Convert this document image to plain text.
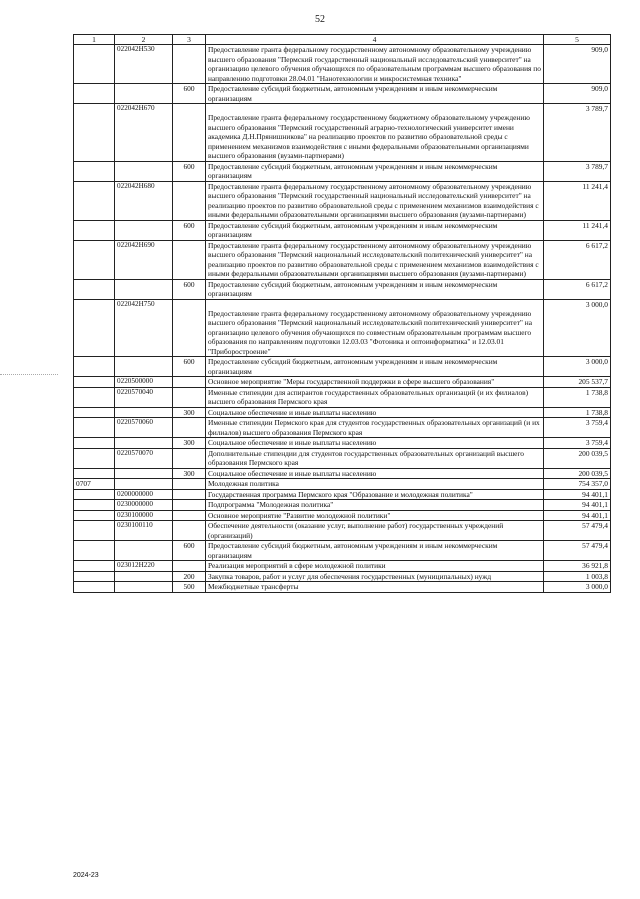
52
1	2	3	4	5
	022042Н530		Предоставление гранта федеральному государственному автономному образовательному учреждению высшего образования "Пермский государственный национальный исследовательский университет" на организацию целевого обучения обучающихся по образовательным программам высшего образования по направлению подготовки 28.04.01 "Нанотехнологии и микросистемная техника"	909,0
		600	Предоставление субсидий бюджетным, автономным учреждениям и иным некоммерческим организациям	909,0
	022042Н670		Предоставление гранта федеральному государственному бюджетному образовательному учреждению высшего образования "Пермский государственный аграрно-технологический университет имени академика Д.Н.Прянишникова" на реализацию проектов по развитию образовательной среды с применением механизмов взаимодействия с иными федеральными образовательными организациями высшего образования (вузами-партнерами)	3 789,7
		600	Предоставление субсидий бюджетным, автономным учреждениям и иным некоммерческим организациям	3 789,7
	022042Н680		Предоставление гранта федеральному государственному автономному образовательному учреждению высшего образования "Пермский государственный национальный исследовательский университет" на реализацию проектов по развитию образовательной среды с применением механизмов взаимодействия с иными федеральными образовательными организациями высшего образования (вузами-партнерами)	11 241,4
		600	Предоставление субсидий бюджетным, автономным учреждениям и иным некоммерческим организациям	11 241,4
	022042Н690		Предоставление гранта федеральному государственному автономному образовательному учреждению высшего образования "Пермский национальный исследовательский политехнический университет" на реализацию проектов по развитию образовательной среды с применением механизмов взаимодействия с иными федеральными образовательными организациями высшего образования (вузами-партнерами)	6 617,2
		600	Предоставление субсидий бюджетным, автономным учреждениям и иным некоммерческим организациям	6 617,2
	022042Н750		Предоставление гранта федеральному государственному автономному образовательному учреждению высшего образования "Пермский национальный исследовательский политехнический университет" на организацию целевого обучения обучающихся по совместным образовательным программам высшего образования по направлениям подготовки 12.03.03 "Фотоника и оптоинформатика" и 12.03.01 "Приборостроение"	3 000,0
		600	Предоставление субсидий бюджетным, автономным учреждениям и иным некоммерческим организациям	3 000,0
	0220500000		Основное мероприятие "Меры государственной поддержки в сфере высшего образования"	205 537,7
	0220570040		Именные стипендии для аспирантов государственных образовательных организаций (и их филиалов) высшего образования Пермского края	1 738,8
		300	Социальное обеспечение и иные выплаты населению	1 738,8
	0220570060		Именные стипендии Пермского края для студентов государственных образовательных организаций (и их филиалов) высшего образования Пермского края	3 759,4
		300	Социальное обеспечение и иные выплаты населению	3 759,4
	0220570070		Дополнительные стипендии для студентов государственных образовательных организаций высшего образования Пермского края	200 039,5
		300	Социальное обеспечение и иные выплаты населению	200 039,5
0707			Молодежная политика	754 357,0
	0200000000		Государственная программа Пермского края "Образование и молодежная политика"	94 401,1
	0230000000		Подпрограмма "Молодежная политика"	94 401,1
	0230100000		Основное мероприятие "Развитие молодежной политики"	94 401,1
	0230100110		Обеспечение деятельности (оказание услуг, выполнение работ) государственных учреждений (организаций)	57 479,4
		600	Предоставление субсидий бюджетным, автономным учреждениям и иным некоммерческим организациям	57 479,4
	023012Н220		Реализация мероприятий в сфере молодежной политики	36 921,8
		200	Закупка товаров, работ и услуг для обеспечения государственных (муниципальных) нужд	1 003,8
		500	Межбюджетные трансферты	3 000,0
2024-23
